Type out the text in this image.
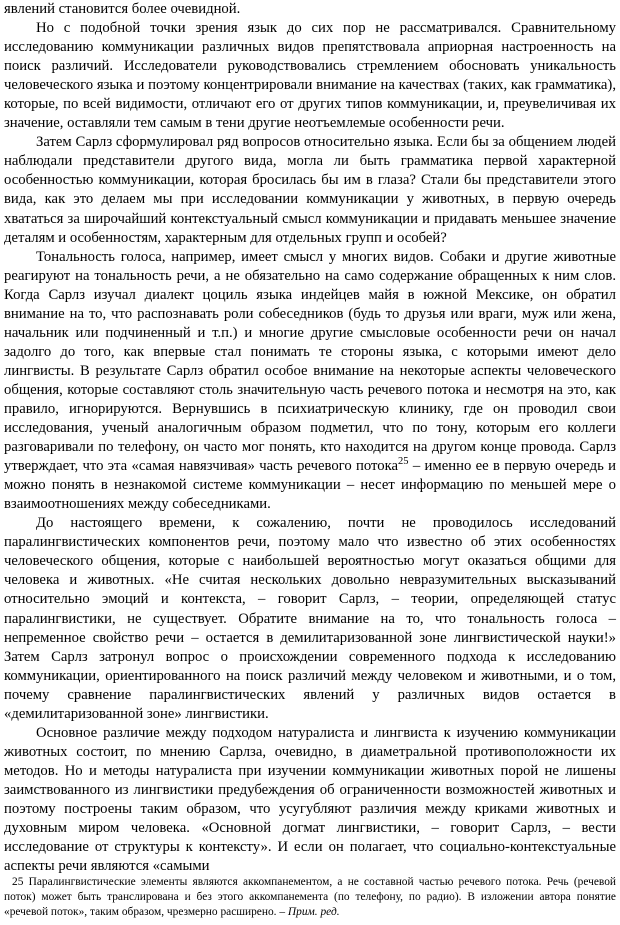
явлений становится более очевидной.

Но с подобной точки зрения язык до сих пор не рассматривался. Сравнительному исследованию коммуникации различных видов препятствовала априорная настроенность на поиск различий. Исследователи руководствовались стремлением обосновать уникальность человеческого языка и поэтому концентрировали внимание на качествах (таких, как грамматика), которые, по всей видимости, отличают его от других типов коммуникации, и, преувеличивая их значение, оставляли тем самым в тени другие неотъемлемые особенности речи.

Затем Сарлз сформулировал ряд вопросов относительно языка. Если бы за общением людей наблюдали представители другого вида, могла ли быть грамматика первой характерной особенностью коммуникации, которая бросилась бы им в глаза? Стали бы представители этого вида, как это делаем мы при исследовании коммуникации у животных, в первую очередь хвататься за широчайший контекстуальный смысл коммуникации и придавать меньшее значение деталям и особенностям, характерным для отдельных групп и особей?

Тональность голоса, например, имеет смысл у многих видов. Собаки и другие животные реагируют на тональность речи, а не обязательно на само содержание обращенных к ним слов. Когда Сарлз изучал диалект цоциль языка индейцев майя в южной Мексике, он обратил внимание на то, что распознавать роли собеседников (будь то друзья или враги, муж или жена, начальник или подчиненный и т.п.) и многие другие смысловые особенности речи он начал задолго до того, как впервые стал понимать те стороны языка, с которыми имеют дело лингвисты. В результате Сарлз обратил особое внимание на некоторые аспекты человеческого общения, которые составляют столь значительную часть речевого потока и несмотря на это, как правило, игнорируются. Вернувшись в психиатрическую клинику, где он проводил свои исследования, ученый аналогичным образом подметил, что по тону, которым его коллеги разговаривали по телефону, он часто мог понять, кто находится на другом конце провода. Сарлз утверждает, что эта «самая навязчивая» часть речевого потока$^{25}$ – именно ее в первую очередь и можно понять в незнакомой системе коммуникации – несет информацию по меньшей мере о взаимоотношениях между собеседниками.

До настоящего времени, к сожалению, почти не проводилось исследований паралингвистических компонентов речи, поэтому мало что известно об этих особенностях человеческого общения, которые с наибольшей вероятностью могут оказаться общими для человека и животных. «Не считая нескольких довольно невразумительных высказываний относительно эмоций и контекста, – говорит Сарлз, – теории, определяющей статус паралингвистики, не существует. Обратите внимание на то, что тональность голоса – непременное свойство речи – остается в демилитаризованной зоне лингвистической науки!» Затем Сарлз затронул вопрос о происхождении современного подхода к исследованию коммуникации, ориентированного на поиск различий между человеком и животными, и о том, почему сравнение паралингвистических явлений у различных видов остается в «демилитаризованной зоне» лингвистики.

Основное различие между подходом натуралиста и лингвиста к изучению коммуникации животных состоит, по мнению Сарлза, очевидно, в диаметральной противоположности их методов. Но и методы натуралиста при изучении коммуникации животных порой не лишены заимствованного из лингвистики предубеждения об ограниченности возможностей животных и поэтому построены таким образом, что усугубляют различия между криками животных и духовным миром человека. «Основной догмат лингвистики, – говорит Сарлз, – вести исследование от структуры к контексту». И если он полагает, что социально-контекстуальные аспекты речи являются «самыми

25 Паралингвистические элементы являются аккомпанементом, а не составной частью речевого потока. Речь (речевой поток) может быть транслирована и без этого аккомпанемента (по телефону, по радио). В изложении автора понятие «речевой поток», таким образом, чрезмерно расширено. – Прим. ред.
